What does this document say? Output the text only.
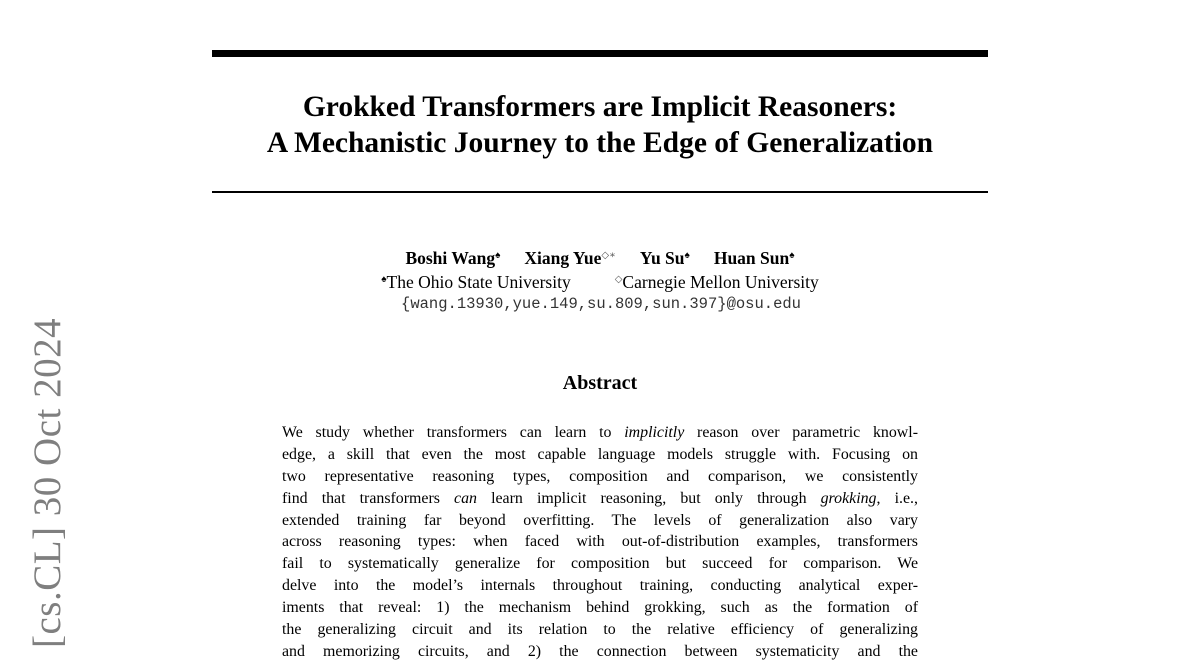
[cs.CL] 30 Oct 2024
Grokked Transformers are Implicit Reasoners:
A Mechanistic Journey to the Edge of Generalization
Boshi Wang♠ Xiang Yue◇∗ Yu Su♠ Huan Sun♠
♠The Ohio State University	◇Carnegie Mellon University
{wang.13930,yue.149,su.809,sun.397}@osu.edu
Abstract
We study whether transformers can learn to implicitly reason over parametric knowl-
edge, a skill that even the most capable language models struggle with. Focusing on
two representative reasoning types, composition and comparison, we consistently
find that transformers can learn implicit reasoning, but only through grokking, i.e.,
extended training far beyond overfitting. The levels of generalization also vary
across reasoning types: when faced with out-of-distribution examples, transformers
fail to systematically generalize for composition but succeed for comparison. We
delve into the model’s internals throughout training, conducting analytical exper-
iments that reveal: 1) the mechanism behind grokking, such as the formation of
the generalizing circuit and its relation to the relative efficiency of generalizing
and memorizing circuits, and 2) the connection between systematicity and the
